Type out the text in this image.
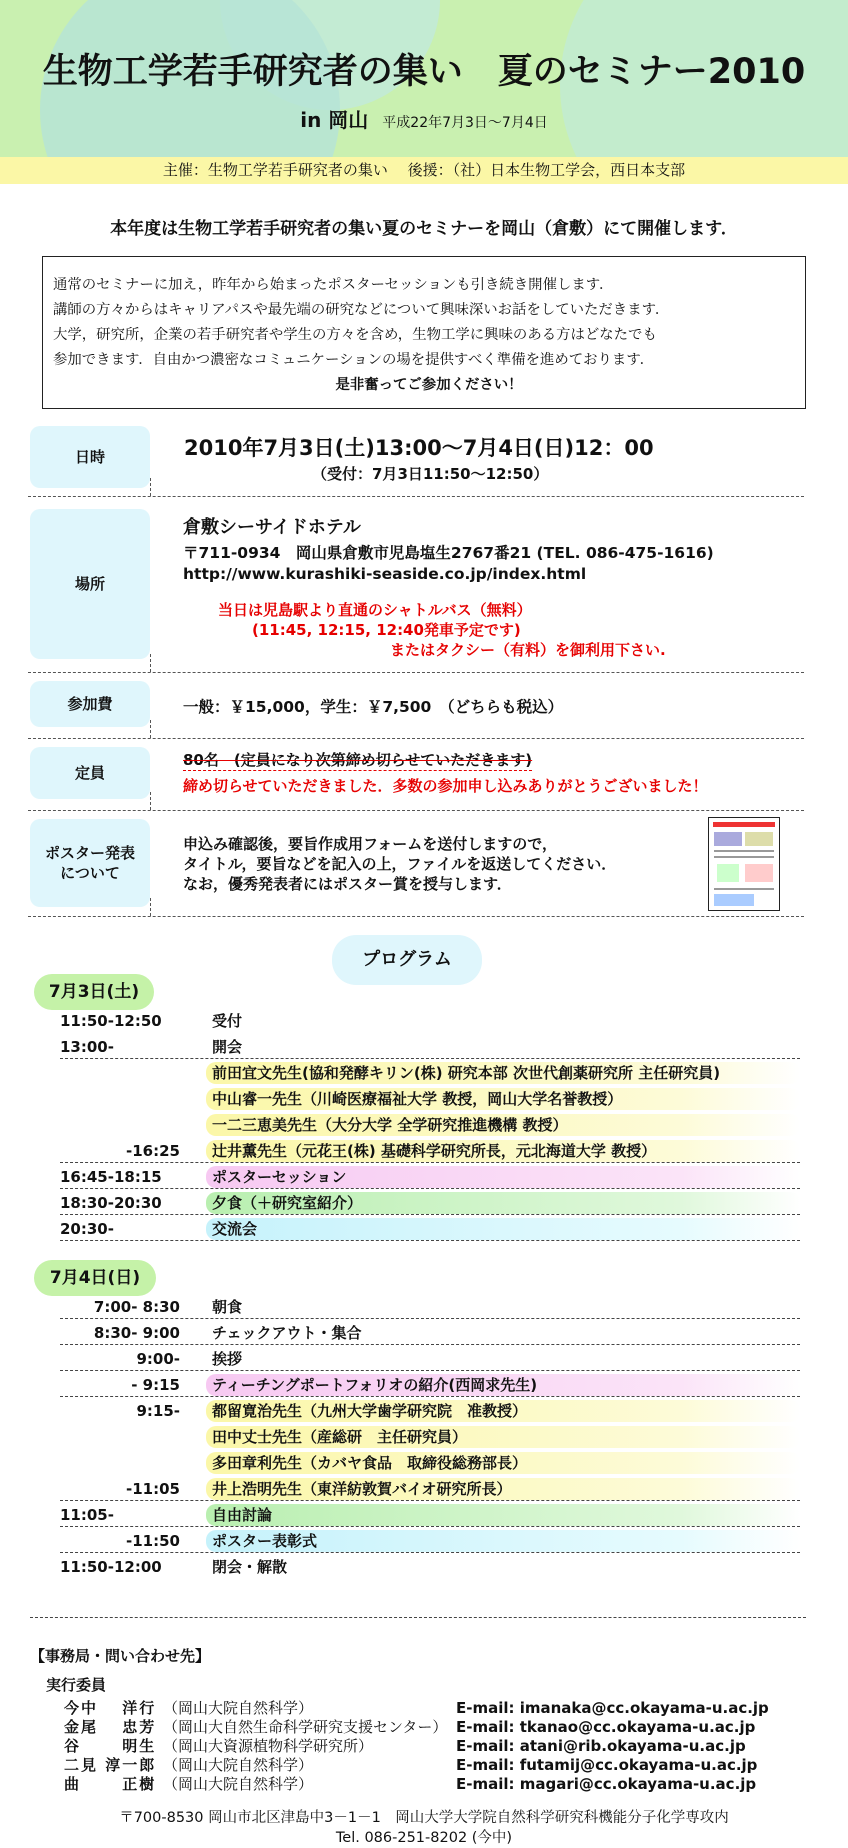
生物工学若手研究者の集い　夏のセミナー2010
in 岡山 平成22年7月3日～7月4日
主催：生物工学若手研究者の集い　 後援：（社）日本生物工学会，西日本支部
本年度は生物工学若手研究者の集い夏のセミナーを岡山（倉敷）にて開催します．
通常のセミナーに加え，昨年から始まったポスターセッションも引き続き開催します．
講師の方々からはキャリアパスや最先端の研究などについて興味深いお話をしていただきます．
大学，研究所，企業の若手研究者や学生の方々を含め，生物工学に興味のある方はどなたでも
参加できます．自由かつ濃密なコミュニケーションの場を提供すべく準備を進めております．
是非奮ってご参加ください！
日時	2010年7月3日(土)13:00～7月4日(日)12：00
（受付：7月3日11:50～12:50）
場所
倉敷シーサイドホテル
〒711-0934　岡山県倉敷市児島塩生2767番21 (TEL. 086-475-1616)
http://www.kurashiki-seaside.co.jp/index.html
当日は児島駅より直通のシャトルバス（無料）
(11:45, 12:15, 12:40発車予定です)
またはタクシー（有料）を御利用下さい.
参加費	一般：￥15,000，学生：￥7,500　（どちらも税込）
定員
80名　(定員になり次第締め切らせていただきます)
締め切らせていただきました．多数の参加申し込みありがとうございました！
ポスター発表
について
申込み確認後，要旨作成用フォームを送付しますので，
タイトル，要旨などを記入の上，ファイルを返送してください．
なお，優秀発表者にはポスター賞を授与します．
プログラム
7月3日(土)
11:50-12:50	受付
13:00-	開会
前田宜文先生(協和発酵キリン(株) 研究本部 次世代創薬研究所 主任研究員)
中山睿一先生（川崎医療福祉大学 教授，岡山大学名誉教授）
一二三恵美先生（大分大学 全学研究推進機構 教授）
-16:25	辻井薫先生（元花王(株) 基礎科学研究所長，元北海道大学 教授）
16:45-18:15	ポスターセッション
18:30-20:30	夕食（＋研究室紹介）
20:30-	交流会
7月4日(日)
7:00- 8:30	朝食
8:30- 9:00	チェックアウト・集合
9:00-	挨拶
- 9:15	ティーチングポートフォリオの紹介(西岡求先生)
9:15-	都留寛治先生（九州大学歯学研究院　准教授）
田中丈士先生（産総研　主任研究員）
多田章利先生（カバヤ食品　取締役総務部長）
-11:05	井上浩明先生（東洋紡敦賀バイオ研究所長）
11:05-	自由討論
-11:50	ポスター表彰式
11:50-12:00	閉会・解散
【事務局・問い合わせ先】
実行委員
今中　 洋行 （岡山大院自然科学）	E-mail: imanaka@cc.okayama-u.ac.jp
金尾　 忠芳 （岡山大自然生命科学研究支援センター） E-mail: tkanao@cc.okayama-u.ac.jp
谷　　 明生 （岡山大資源植物科学研究所）	E-mail: atani@rib.okayama-u.ac.jp
二見 淳一郎 （岡山大院自然科学）	E-mail: futamij@cc.okayama-u.ac.jp
曲　　 正樹 （岡山大院自然科学）	E-mail: magari@cc.okayama-u.ac.jp
〒700-8530 岡山市北区津島中3－1－1　岡山大学大学院自然科学研究科機能分子化学専攻内
Tel. 086-251-8202 (今中)
